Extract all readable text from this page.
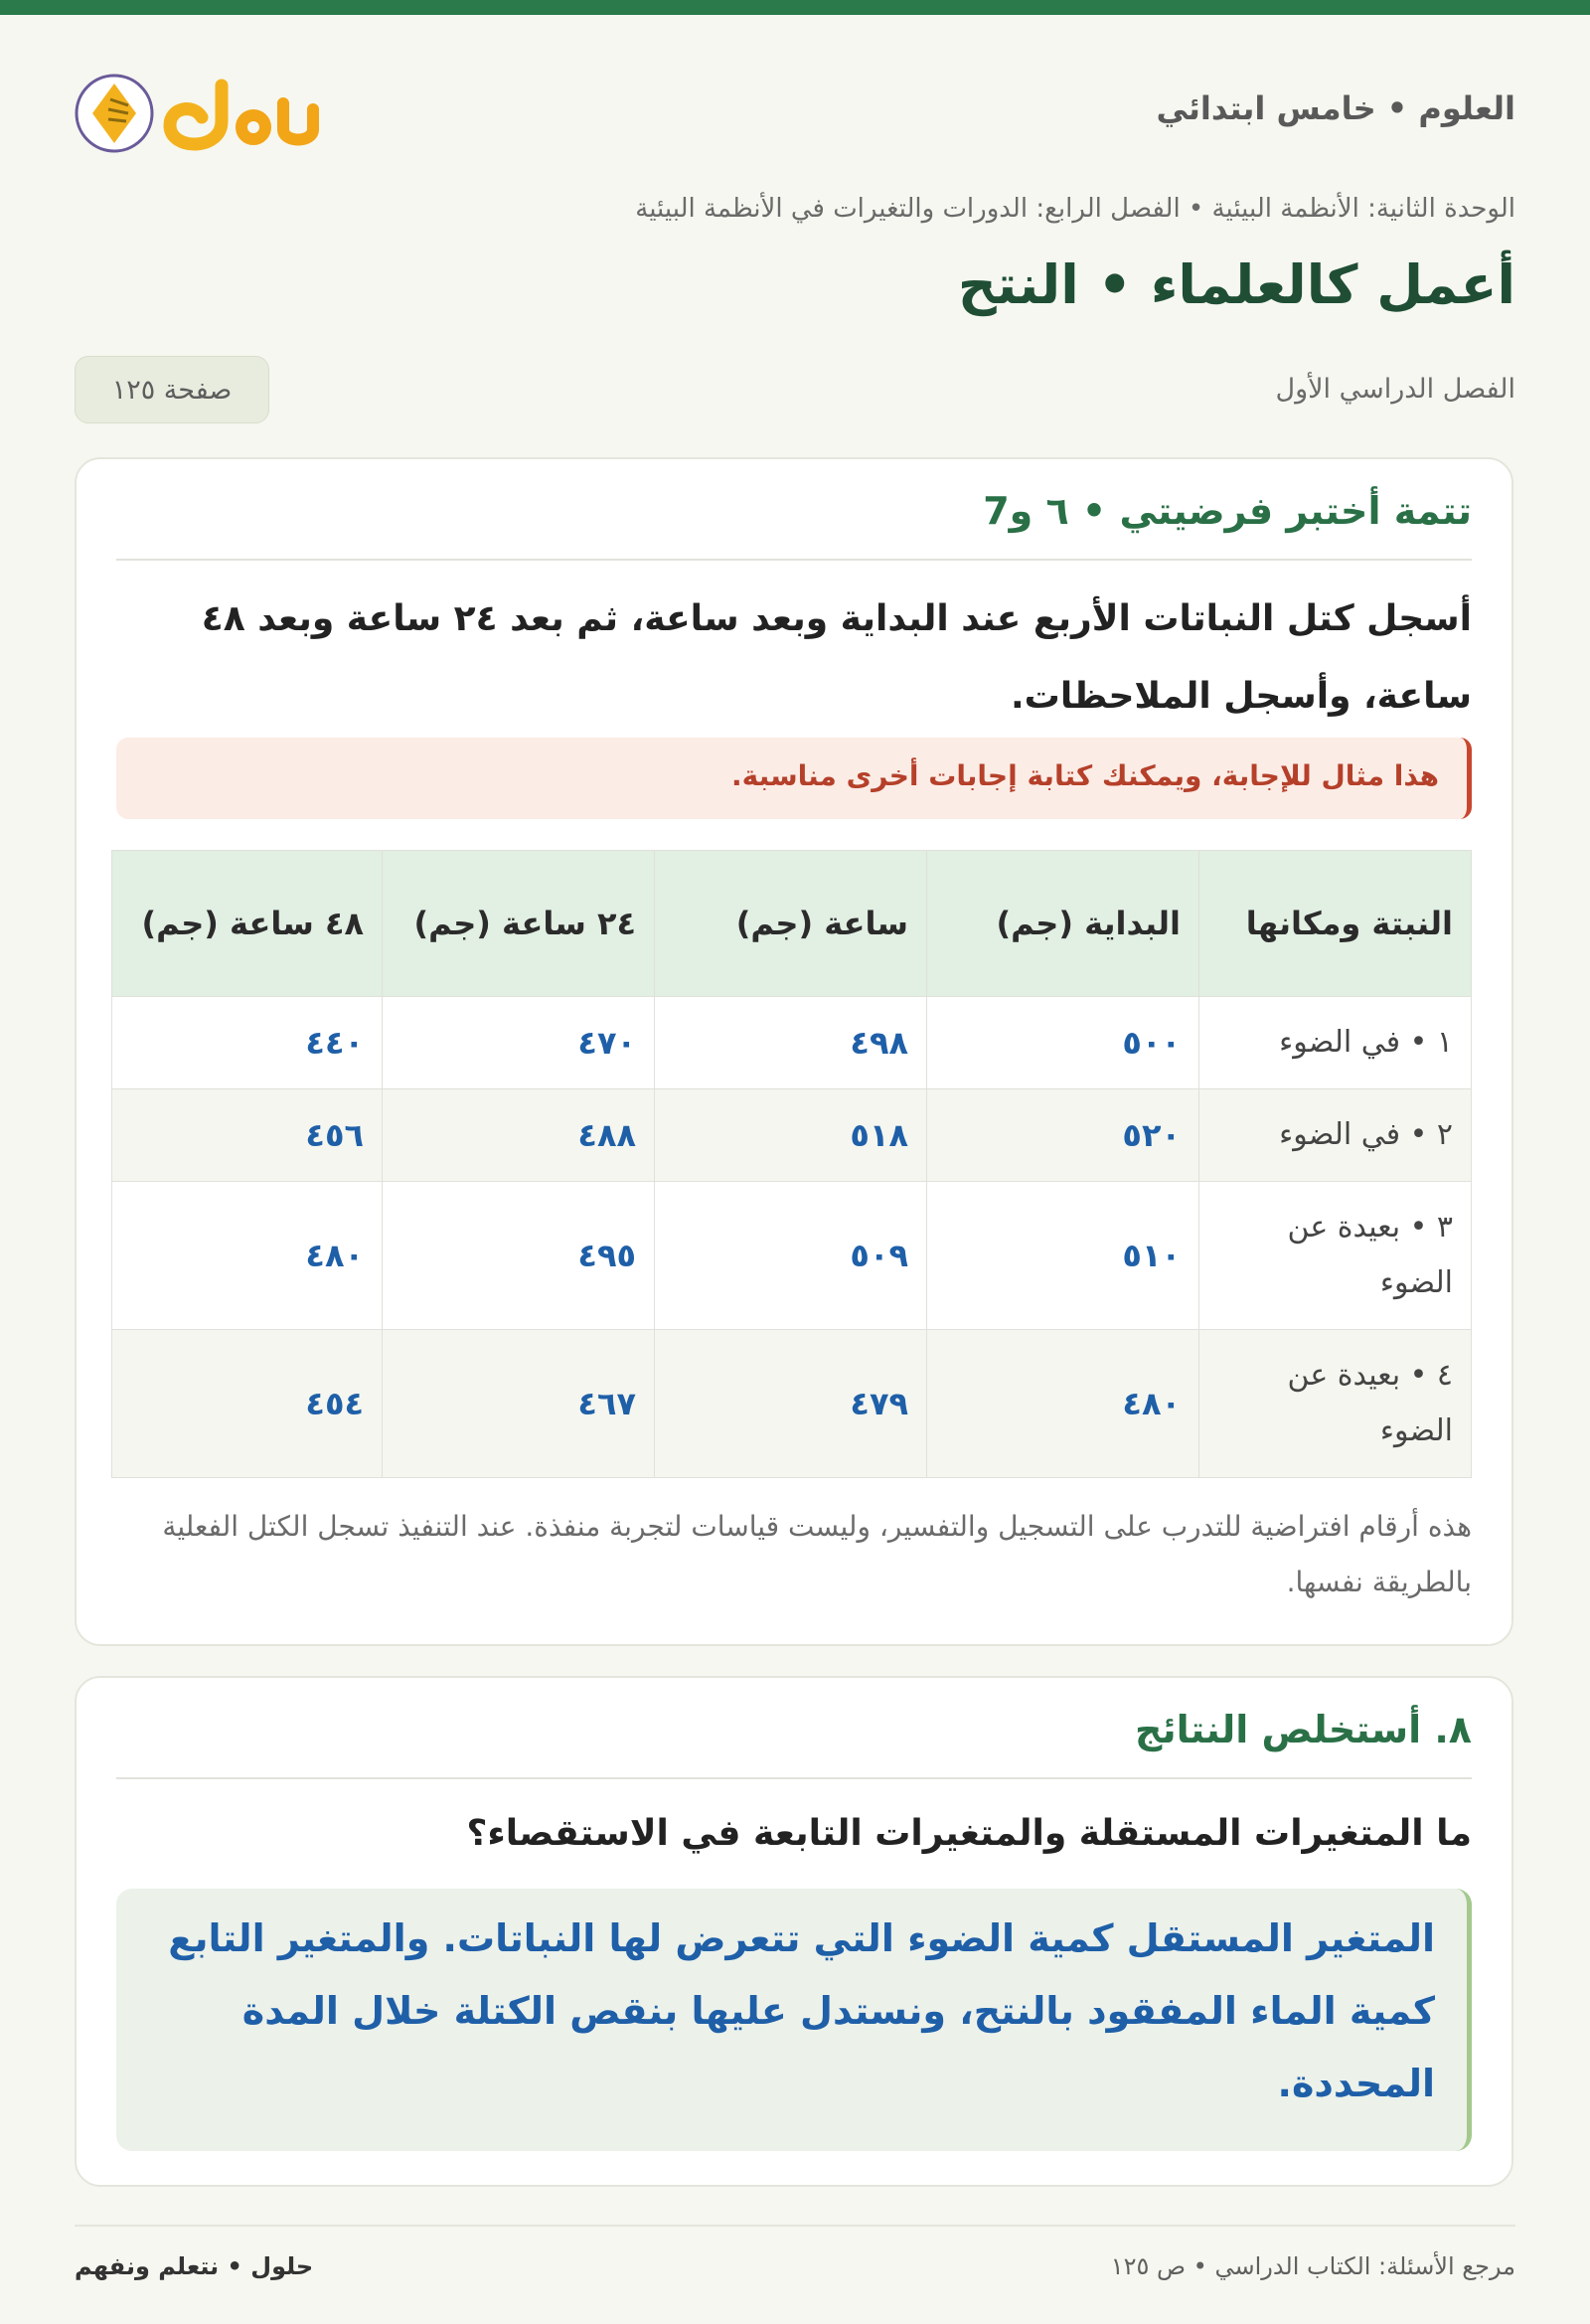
العلوم • خامس ابتدائي
الوحدة الثانية: الأنظمة البيئية • الفصل الرابع: الدورات والتغيرات في الأنظمة البيئية
أعمل كالعلماء • النتح
الفصل الدراسي الأول
صفحة ١٢٥
تتمة أختبر فرضيتي • ٦ و7

أسجل كتل النباتات الأربع عند البداية وبعد ساعة، ثم بعد ٢٤ ساعة وبعد ٤٨ ساعة، وأسجل الملاحظات.

هذا مثال للإجابة، ويمكنك كتابة إجابات أخرى مناسبة.
النبتة ومكانها	البداية (جم)	ساعة (جم)	٢٤ ساعة (جم)	٤٨ ساعة (جم)
١ • في الضوء	٥٠٠	٤٩٨	٤٧٠	٤٤٠
٢ • في الضوء	٥٢٠	٥١٨	٤٨٨	٤٥٦
٣ • بعيدة عن الضوء	٥١٠	٥٠٩	٤٩٥	٤٨٠
٤ • بعيدة عن الضوء	٤٨٠	٤٧٩	٤٦٧	٤٥٤

هذه أرقام افتراضية للتدرب على التسجيل والتفسير، وليست قياسات لتجربة منفذة. عند التنفيذ تسجل الكتل الفعلية بالطريقة نفسها.

٨. أستخلص النتائج

ما المتغيرات المستقلة والمتغيرات التابعة في الاستقصاء؟

المتغير المستقل كمية الضوء التي تتعرض لها النباتات. والمتغير التابع كمية الماء المفقود بالنتح، ونستدل عليها بنقص الكتلة خلال المدة المحددة.

مرجع الأسئلة: الكتاب الدراسي • ص ١٢٥
حلول • نتعلم ونفهم
